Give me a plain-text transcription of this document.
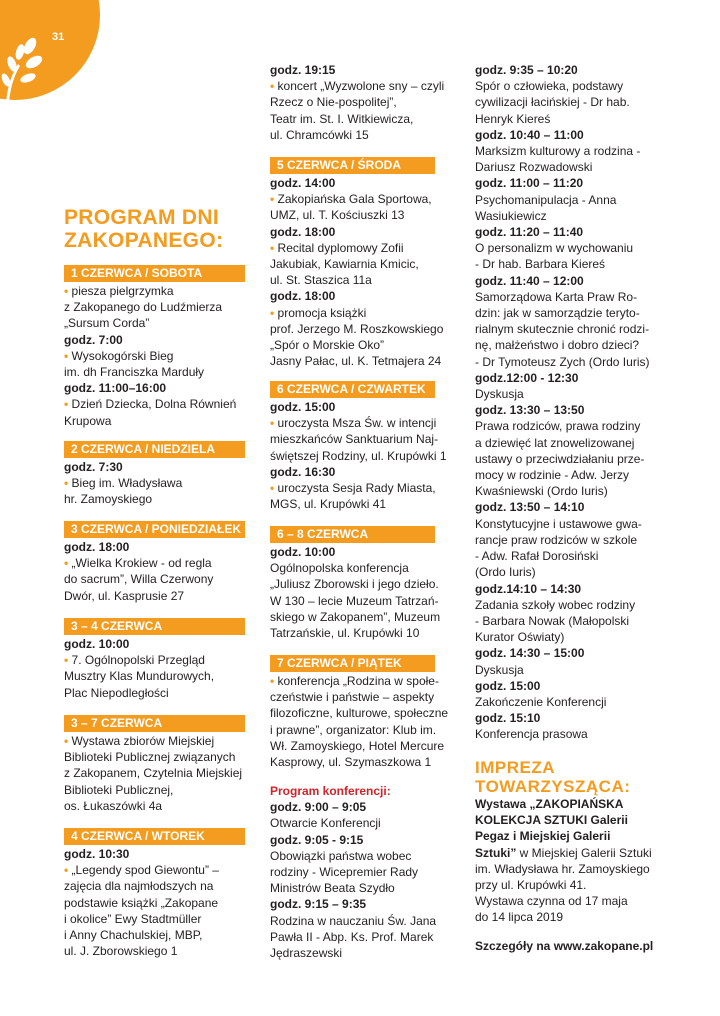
31

PROGRAM DNI

ZAKOPANEGO:

1 CZERWCA / SOBOTA

• piesza pielgrzymka

z Zakopanego do Ludźmierza

„Sursum Corda”

godz. 7:00

• Wysokogórski Bieg

im. dh Franciszka Marduły

godz. 11:00–16:00

• Dzień Dziecka, Dolna Równień

Krupowa

2 CZERWCA / NIEDZIELA

godz. 7:30

• Bieg im. Władysława

hr. Zamoyskiego

3 CZERWCA / PONIEDZIAŁEK

godz. 18:00

• „Wielka Krokiew - od regla

do sacrum”, Willa Czerwony

Dwór, ul. Kasprusie 27

3 – 4 CZERWCA

godz. 10:00

• 7. Ogólnopolski Przegląd

Musztry Klas Mundurowych,

Plac Niepodległości

3 – 7 CZERWCA

• Wystawa zbiorów Miejskiej

Biblioteki Publicznej związanych

z Zakopanem, Czytelnia Miejskiej

Biblioteki Publicznej,

os. Łukaszówki 4a

4 CZERWCA / WTOREK

godz. 10:30

• „Legendy spod Giewontu” –

zajęcia dla najmłodszych na

podstawie książki „Zakopane

i okolice” Ewy Stadtmüller

i Anny Chachulskiej, MBP,

ul. J. Zborowskiego 1

godz. 19:15

• koncert „Wyzwolone sny – czyli

Rzecz o Nie-pospolitej”,

Teatr im. St. I. Witkiewicza,

ul. Chramcówki 15

5 CZERWCA / ŚRODA

godz. 14:00

• Zakopiańska Gala Sportowa,

UMZ, ul. T. Kościuszki 13

godz. 18:00

• Recital dyplomowy Zofii

Jakubiak, Kawiarnia Kmicic,

ul. St. Staszica 11a

godz. 18:00

• promocja książki

prof. Jerzego M. Roszkowskiego

„Spór o Morskie Oko”

Jasny Pałac, ul. K. Tetmajera 24

6 CZERWCA / CZWARTEK

godz. 15:00

• uroczysta Msza Św. w intencji

mieszkańców Sanktuarium Naj-

świętszej Rodziny, ul. Krupówki 1

godz. 16:30

• uroczysta Sesja Rady Miasta,

MGS, ul. Krupówki 41

6 – 8 CZERWCA

godz. 10:00

Ogólnopolska konferencja

„Juliusz Zborowski i jego dzieło.

W 130 – lecie Muzeum Tatrzań-

skiego w Zakopanem”, Muzeum

Tatrzańskie, ul. Krupówki 10

7 CZERWCA / PIĄTEK

• konferencja „Rodzina w społe-

czeństwie i państwie – aspekty

filozoficzne, kulturowe, społeczne

i prawne”, organizator: Klub im.

Wł. Zamoyskiego, Hotel Mercure

Kasprowy, ul. Szymaszkowa 1

Program konferencji:

godz. 9:00 – 9:05

Otwarcie Konferencji

godz. 9:05 - 9:15

Obowiązki państwa wobec

rodziny - Wicepremier Rady

Ministrów Beata Szydło

godz. 9:15 – 9:35

Rodzina w nauczaniu Św. Jana

Pawła II - Abp. Ks. Prof. Marek

Jędraszewski

godz. 9:35 – 10:20

Spór o człowieka, podstawy

cywilizacji łacińskiej - Dr hab.

Henryk Kiereś

godz. 10:40 – 11:00

Marksizm kulturowy a rodzina -

Dariusz Rozwadowski

godz. 11:00 – 11:20

Psychomanipulacja - Anna

Wasiukiewicz

godz. 11:20 – 11:40

O personalizm w wychowaniu

- Dr hab. Barbara Kiereś

godz. 11:40 – 12:00

Samorządowa Karta Praw Ro-

dzin: jak w samorządzie teryto-

rialnym skutecznie chronić rodzi-

nę, małżeństwo i dobro dzieci?

- Dr Tymoteusz Zych (Ordo Iuris)

godz.12:00 - 12:30

Dyskusja

godz. 13:30 – 13:50

Prawa rodziców, prawa rodziny

a dziewięć lat znowelizowanej

ustawy o przeciwdziałaniu prze-

mocy w rodzinie - Adw. Jerzy

Kwaśniewski (Ordo Iuris)

godz. 13:50 – 14:10

Konstytucyjne i ustawowe gwa-

rancje praw rodziców w szkole

- Adw. Rafał Dorosiński

(Ordo Iuris)

godz.14:10 – 14:30

Zadania szkoły wobec rodziny

- Barbara Nowak (Małopolski

Kurator Oświaty)

godz. 14:30 – 15:00

Dyskusja

godz. 15:00

Zakończenie Konferencji

godz. 15:10

Konferencja prasowa

IMPREZA

TOWARZYSZĄCA:

Wystawa „ZAKOPIAŃSKA

KOLEKCJA SZTUKI Galerii

Pegaz i Miejskiej Galerii

Sztuki” w Miejskiej Galerii Sztuki

im. Władysława hr. Zamoyskiego

przy ul. Krupówki 41.

Wystawa czynna od 17 maja

do 14 lipca 2019

Szczegóły na www.zakopane.pl
